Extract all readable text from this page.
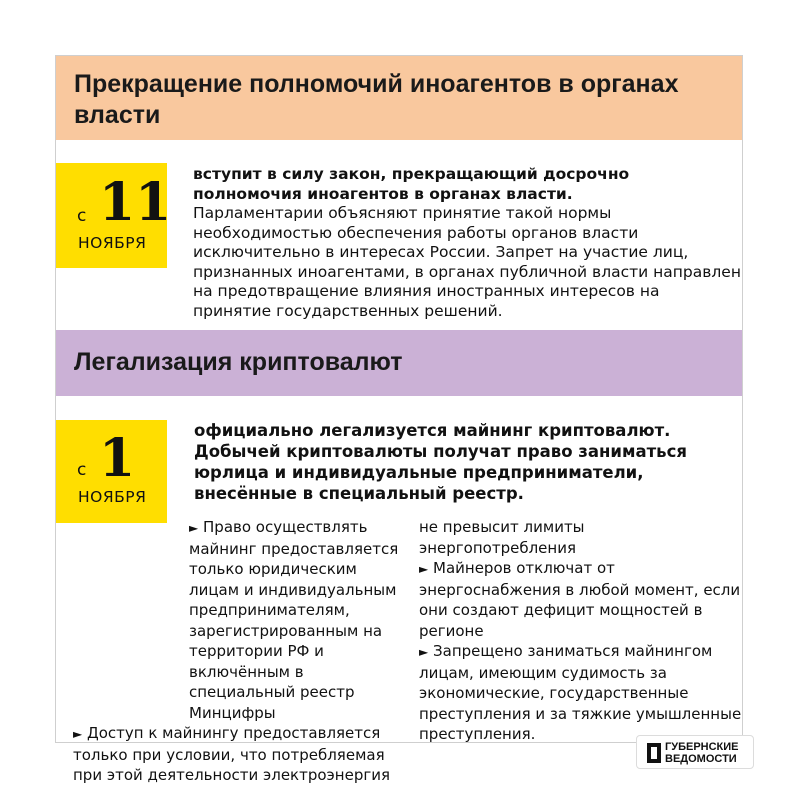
Прекращение полномочий иноагентов в органах власти
с 11
НОЯБРЯ
вступит в силу закон, прекращающий досрочно полномочия иноагентов в органах власти.
Парламентарии объясняют принятие такой нормы необходимостью обеспечения работы органов власти исключительно в интересах России. Запрет на участие лиц, признанных иноагентами, в органах публичной власти направлен на предотвращение влияния иностранных интересов на принятие государственных решений.
Легализация криптовалют
с 1
НОЯБРЯ
официально легализуется майнинг криптовалют. Добычей криптовалюты получат право заниматься юрлица и индивидуальные предприниматели, внесённые в специальный реестр.
► Право осуществлять майнинг предоставляется только юридическим лицам и индивидуальным предпринимателям, зарегистрированным на территории РФ и включённым в специальный реестр Минцифры
► Доступ к майнингу предоставляется только при условии, что потребляемая при этой деятельности электроэнергия
не превысит лимиты энергопотребления
► Майнеров отключат от энергоснабжения в любой момент, если они создают дефицит мощностей в регионе
► Запрещено заниматься майнингом лицам, имеющим судимость за экономические, государственные преступления и за тяжкие умышленные преступления.
ГУБЕРНСКИЕ
ВЕДОМОСТИ
